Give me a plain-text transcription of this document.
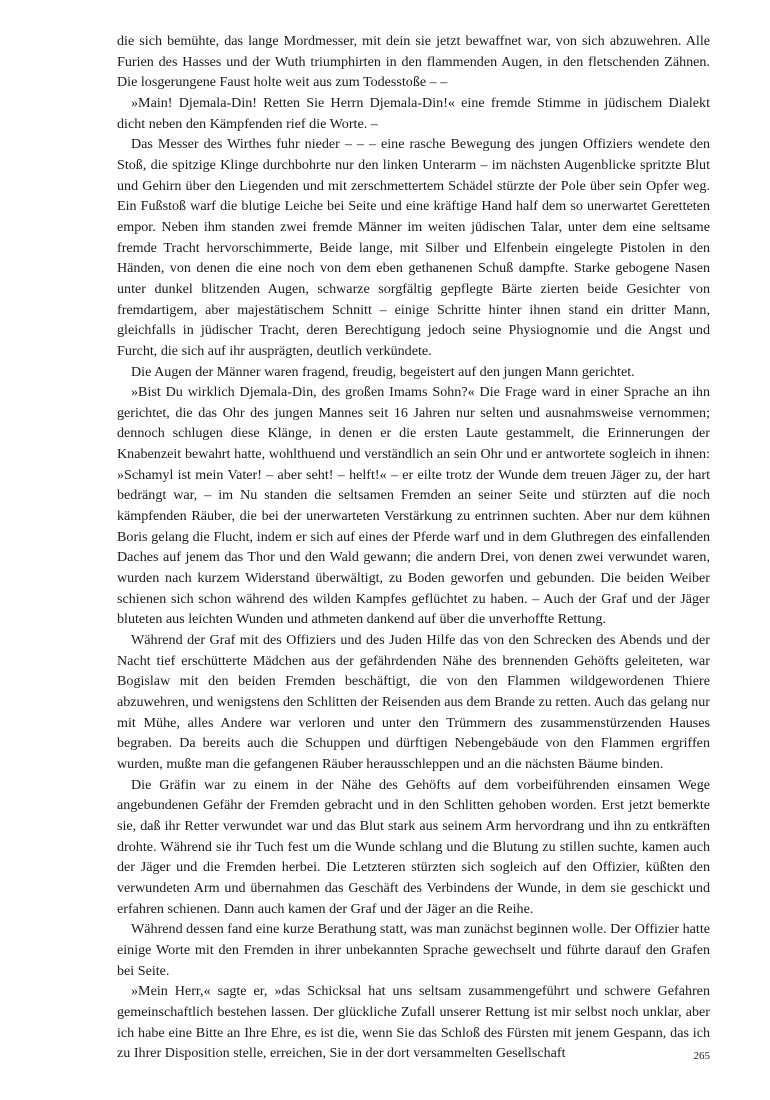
die sich bemühte, das lange Mordmesser, mit dein sie jetzt bewaffnet war, von sich abzuwehren. Alle Furien des Hasses und der Wuth triumphirten in den flammenden Augen, in den fletschenden Zähnen. Die losgerungene Faust holte weit aus zum Todesstoße – –

»Main! Djemala-Din! Retten Sie Herrn Djemala-Din!« eine fremde Stimme in jüdischem Dialekt dicht neben den Kämpfenden rief die Worte. –

Das Messer des Wirthes fuhr nieder – – – eine rasche Bewegung des jungen Offiziers wendete den Stoß, die spitzige Klinge durchbohrte nur den linken Unterarm – im nächsten Augenblicke spritzte Blut und Gehirn über den Liegenden und mit zerschmettertem Schädel stürzte der Pole über sein Opfer weg. Ein Fußstoß warf die blutige Leiche bei Seite und eine kräftige Hand half dem so unerwartet Geretteten empor. Neben ihm standen zwei fremde Männer im weiten jüdischen Talar, unter dem eine seltsame fremde Tracht hervorschimmerte, Beide lange, mit Silber und Elfenbein eingelegte Pistolen in den Händen, von denen die eine noch von dem eben gethanenen Schuß dampfte. Starke gebogene Nasen unter dunkel blitzenden Augen, schwarze sorgfältig gepflegte Bärte zierten beide Gesichter von fremdartigem, aber majestätischem Schnitt – einige Schritte hinter ihnen stand ein dritter Mann, gleichfalls in jüdischer Tracht, deren Berechtigung jedoch seine Physiognomie und die Angst und Furcht, die sich auf ihr ausprägten, deutlich verkündete.

Die Augen der Männer waren fragend, freudig, begeistert auf den jungen Mann gerichtet.

»Bist Du wirklich Djemala-Din, des großen Imams Sohn?« Die Frage ward in einer Sprache an ihn gerichtet, die das Ohr des jungen Mannes seit 16 Jahren nur selten und ausnahmsweise vernommen; dennoch schlugen diese Klänge, in denen er die ersten Laute gestammelt, die Erinnerungen der Knabenzeit bewahrt hatte, wohlthuend und verständlich an sein Ohr und er antwortete sogleich in ihnen: »Schamyl ist mein Vater! – aber seht! – helft!« – er eilte trotz der Wunde dem treuen Jäger zu, der hart bedrängt war, – im Nu standen die seltsamen Fremden an seiner Seite und stürzten auf die noch kämpfenden Räuber, die bei der unerwarteten Verstärkung zu entrinnen suchten. Aber nur dem kühnen Boris gelang die Flucht, indem er sich auf eines der Pferde warf und in dem Gluthregen des einfallenden Daches auf jenem das Thor und den Wald gewann; die andern Drei, von denen zwei verwundet waren, wurden nach kurzem Widerstand überwältigt, zu Boden geworfen und gebunden. Die beiden Weiber schienen sich schon während des wilden Kampfes geflüchtet zu haben. – Auch der Graf und der Jäger bluteten aus leichten Wunden und athmeten dankend auf über die unverhoffte Rettung.

Während der Graf mit des Offiziers und des Juden Hilfe das von den Schrecken des Abends und der Nacht tief erschütterte Mädchen aus der gefährdenden Nähe des brennenden Gehöfts geleiteten, war Bogislaw mit den beiden Fremden beschäftigt, die von den Flammen wildgewordenen Thiere abzuwehren, und wenigstens den Schlitten der Reisenden aus dem Brande zu retten. Auch das gelang nur mit Mühe, alles Andere war verloren und unter den Trümmern des zusammenstürzenden Hauses begraben. Da bereits auch die Schuppen und dürftigen Nebengebäude von den Flammen ergriffen wurden, mußte man die gefangenen Räuber herausschleppen und an die nächsten Bäume binden.

Die Gräfin war zu einem in der Nähe des Gehöfts auf dem vorbeiführenden einsamen Wege angebundenen Gefähr der Fremden gebracht und in den Schlitten gehoben worden. Erst jetzt bemerkte sie, daß ihr Retter verwundet war und das Blut stark aus seinem Arm hervordrang und ihn zu entkräften drohte. Während sie ihr Tuch fest um die Wunde schlang und die Blutung zu stillen suchte, kamen auch der Jäger und die Fremden herbei. Die Letzteren stürzten sich sogleich auf den Offizier, küßten den verwundeten Arm und übernahmen das Geschäft des Verbindens der Wunde, in dem sie geschickt und erfahren schienen. Dann auch kamen der Graf und der Jäger an die Reihe.

Während dessen fand eine kurze Berathung statt, was man zunächst beginnen wolle. Der Offizier hatte einige Worte mit den Fremden in ihrer unbekannten Sprache gewechselt und führte darauf den Grafen bei Seite.

»Mein Herr,« sagte er, »das Schicksal hat uns seltsam zusammengeführt und schwere Gefahren gemeinschaftlich bestehen lassen. Der glückliche Zufall unserer Rettung ist mir selbst noch unklar, aber ich habe eine Bitte an Ihre Ehre, es ist die, wenn Sie das Schloß des Fürsten mit jenem Gespann, das ich zu Ihrer Disposition stelle, erreichen, Sie in der dort versammelten Gesellschaft	265
